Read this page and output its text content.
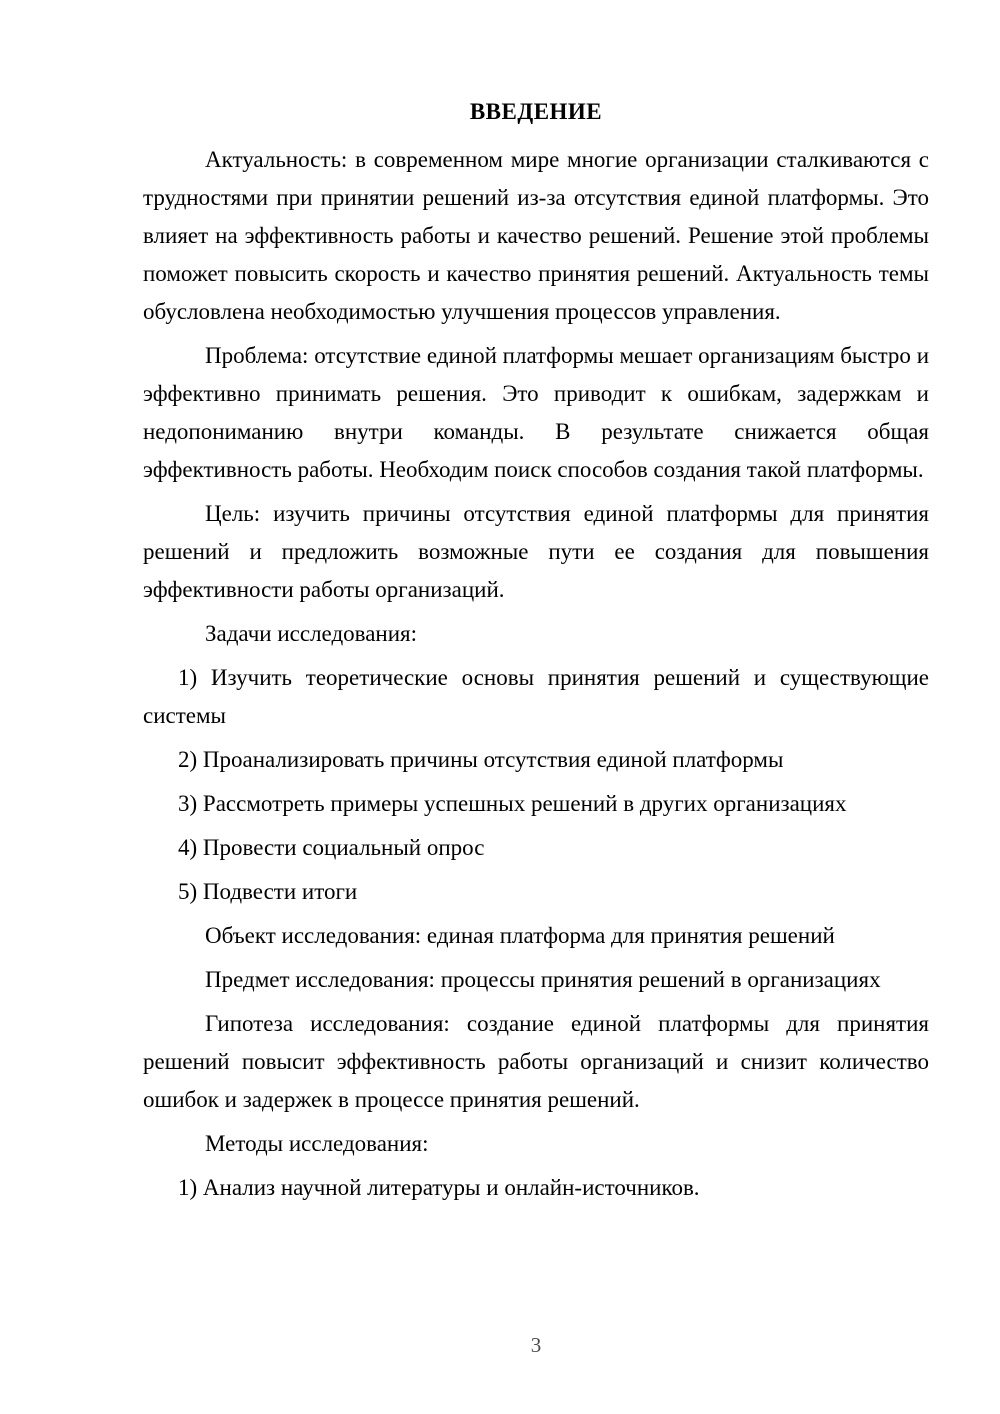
ВВЕДЕНИЕ

Актуальность: в современном мире многие организации сталкиваются с трудностями при принятии решений из-за отсутствия единой платформы. Это влияет на эффективность работы и качество решений. Решение этой проблемы поможет повысить скорость и качество принятия решений. Актуальность темы обусловлена необходимостью улучшения процессов управления.

Проблема: отсутствие единой платформы мешает организациям быстро и эффективно принимать решения. Это приводит к ошибкам, задержкам и недопониманию внутри команды. В результате снижается общая эффективность работы. Необходим поиск способов создания такой платформы.

Цель: изучить причины отсутствия единой платформы для принятия решений и предложить возможные пути ее создания для повышения эффективности работы организаций.

Задачи исследования:

1) Изучить теоретические основы принятия решений и существующие системы

2) Проанализировать причины отсутствия единой платформы

3) Рассмотреть примеры успешных решений в других организациях

4) Провести социальный опрос

5) Подвести итоги

Объект исследования: единая платформа для принятия решений

Предмет исследования: процессы принятия решений в организациях

Гипотеза исследования: создание единой платформы для принятия решений повысит эффективность работы организаций и снизит количество ошибок и задержек в процессе принятия решений.

Методы исследования:

1) Анализ научной литературы и онлайн-источников.

3
